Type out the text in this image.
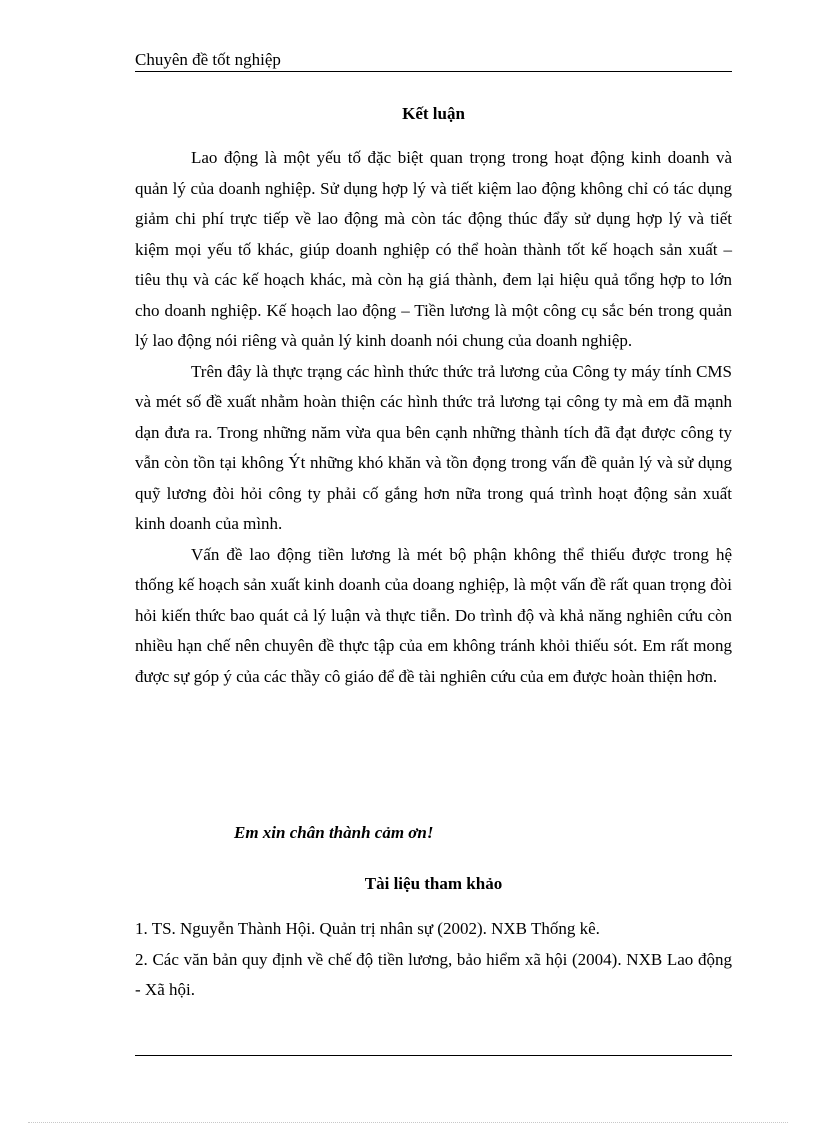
Chuyên đề tốt nghiệp
Kết luận

Lao động là một yếu tố đặc biệt quan trọng trong hoạt động kinh doanh và quản lý của doanh nghiệp. Sử dụng hợp lý và tiết kiệm lao động không chỉ có tác dụng giảm chi phí trực tiếp về lao động mà còn tác động thúc đẩy sử dụng hợp lý và tiết kiệm mọi yếu tố khác, giúp doanh nghiệp có thể hoàn thành tốt kế hoạch sản xuất – tiêu thụ và các kế hoạch khác, mà còn hạ giá thành, đem lại hiệu quả tổng hợp to lớn cho doanh nghiệp. Kế hoạch lao động – Tiền lương là một công cụ sắc bén trong quản lý lao động nói riêng và quản lý kinh doanh nói chung của doanh nghiệp.

Trên đây là thực trạng các hình thức thức trả lương của Công ty máy tính CMS và mét số đề xuất nhằm hoàn thiện các hình thức trả lương tại công ty mà em đã mạnh dạn đưa ra. Trong những năm vừa qua bên cạnh những thành tích đã đạt được công ty vẫn còn tồn tại không Ýt những khó khăn và tồn đọng trong vấn đề quản lý và sử dụng quỹ lương đòi hỏi công ty phải cố gắng hơn nữa trong quá trình hoạt động sản xuất kinh doanh của mình.

Vấn đề lao động tiền lương là mét bộ phận không thể thiếu được trong hệ thống kế hoạch sản xuất kinh doanh của doang nghiệp, là một vấn đề rất quan trọng đòi hỏi kiến thức bao quát cả lý luận và thực tiễn. Do trình độ và khả năng nghiên cứu còn nhiều hạn chế nên chuyên đề thực tập của em không tránh khỏi thiếu sót. Em rất mong được sự góp ý của các thầy cô giáo để đề tài nghiên cứu của em được hoàn thiện hơn.

Em xin chân thành cảm ơn!
Tài liệu tham khảo

1. TS. Nguyễn Thành Hội. Quản trị nhân sự (2002). NXB Thống kê.

2. Các văn bản quy định về chế độ tiền lương, bảo hiểm xã hội (2004). NXB Lao động - Xã hội.
